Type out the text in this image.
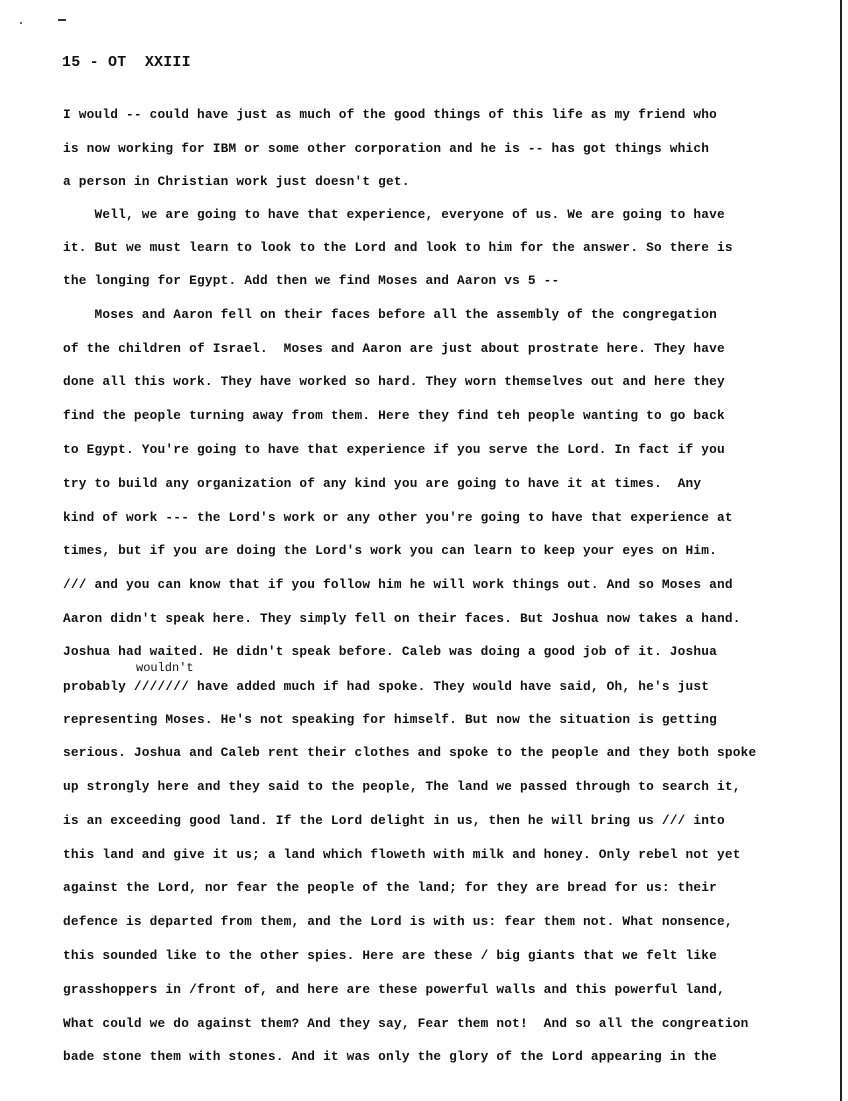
15 - OT  XXIII
wouldn't
I would -- could have just as much of the good things of this life as my friend who
is now working for IBM or some other corporation and he is -- has got things which
a person in Christian work just doesn't get.
Well, we are going to have that experience, everyone of us. We are going to have
it. But we must learn to look to the Lord and look to him for the answer. So there is
the longing for Egypt. Add then we find Moses and Aaron vs 5 --
Moses and Aaron fell on their faces before all the assembly of the congregation
of the children of Israel.  Moses and Aaron are just about prostrate here. They have
done all this work. They have worked so hard. They worn themselves out and here they
find the people turning away from them. Here they find teh people wanting to go back
to Egypt. You're going to have that experience if you serve the Lord. In fact if you
try to build any organization of any kind you are going to have it at times.  Any
kind of work --- the Lord's work or any other you're going to have that experience at
times, but if you are doing the Lord's work you can learn to keep your eyes on Him.
/// and you can know that if you follow him he will work things out. And so Moses and
Aaron didn't speak here. They simply fell on their faces. But Joshua now takes a hand.
Joshua had waited. He didn't speak before. Caleb was doing a good job of it. Joshua
probably /////// have added much if had spoke. They would have said, Oh, he's just
representing Moses. He's not speaking for himself. But now the situation is getting
serious. Joshua and Caleb rent their clothes and spoke to the people and they both spoke
up strongly here and they said to the people, The land we passed through to search it,
is an exceeding good land. If the Lord delight in us, then he will bring us /// into
this land and give it us; a land which floweth with milk and honey. Only rebel not yet
against the Lord, nor fear the people of the land; for they are bread for us: their
defence is departed from them, and the Lord is with us: fear them not. What nonsence,
this sounded like to the other spies. Here are these / big giants that we felt like
grasshoppers in /front of, and here are these powerful walls and this powerful land,
What could we do against them? And they say, Fear them not!  And so all the congreation
bade stone them with stones. And it was only the glory of the Lord appearing in the
